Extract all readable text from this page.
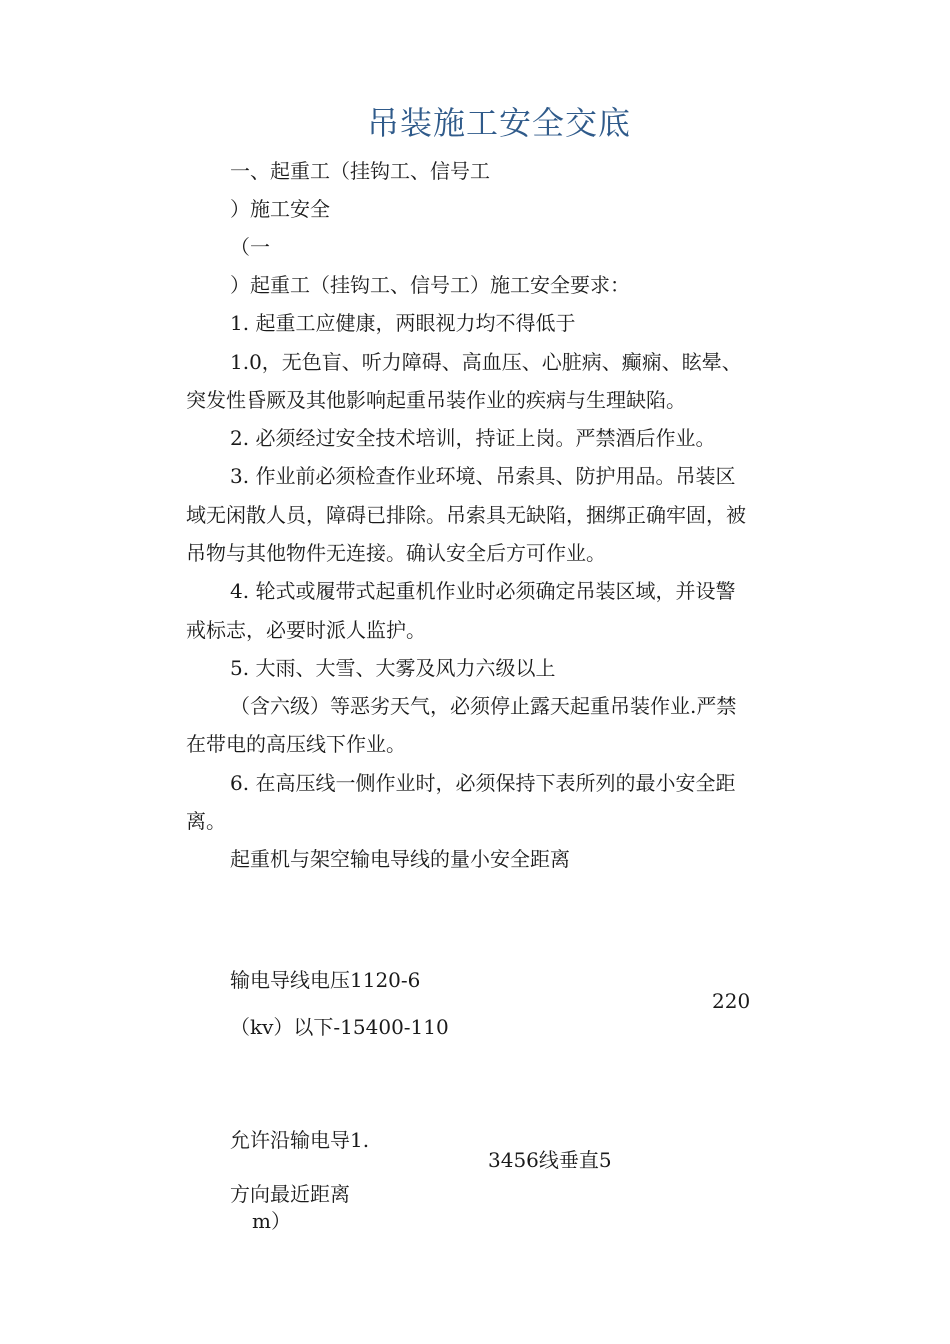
吊装施工安全交底
一、起重工（挂钩工、信号工
）施工安全
（一
）起重工（挂钩工、信号工）施工安全要求：
1. 起重工应健康，两眼视力均不得低于
1.0，无色盲、听力障碍、高血压、心脏病、癫痫、眩晕、
突发性昏厥及其他影响起重吊装作业的疾病与生理缺陷。
2. 必须经过安全技术培训，持证上岗。严禁酒后作业。
3. 作业前必须检查作业环境、吊索具、防护用品。吊装区
域无闲散人员，障碍已排除。吊索具无缺陷，捆绑正确牢固，被
吊物与其他物件无连接。确认安全后方可作业。
4. 轮式或履带式起重机作业时必须确定吊装区域，并设警
戒标志，必要时派人监护。
5. 大雨、大雪、大雾及风力六级以上
（含六级）等恶劣天气，必须停止露天起重吊装作业.严禁
在带电的高压线下作业。
6. 在高压线一侧作业时，必须保持下表所列的最小安全距
离。
起重机与架空输电导线的量小安全距离
输电导线电压1120-6
220
（kv）以下-15400-110
允许沿输电导1.
3456线垂直5
方向最近距离
m）
